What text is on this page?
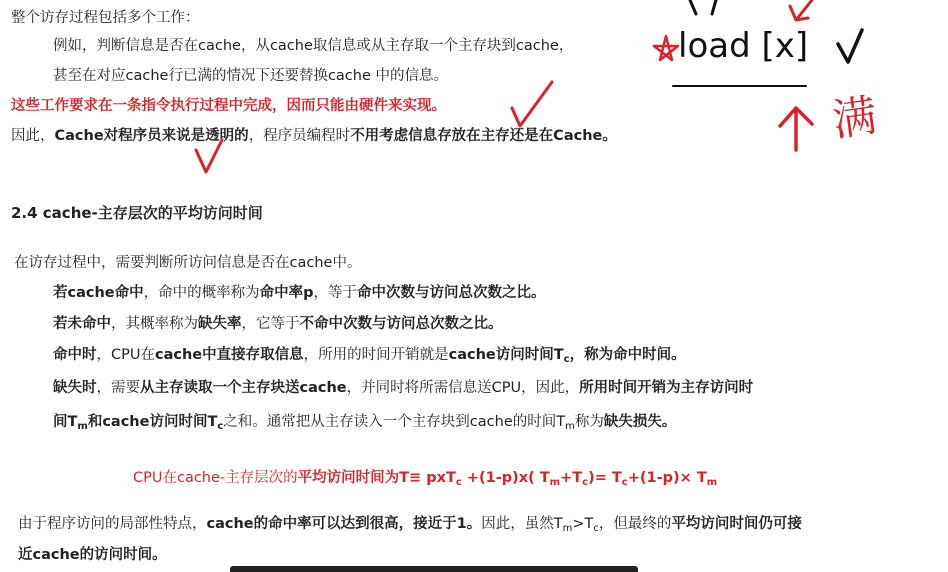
整个访存过程包括多个工作：
例如，判断信息是否在cache，从cache取信息或从主存取一个主存块到cache，
甚至在对应cache行已满的情况下还要替换cache 中的信息。
这些工作要求在一条指令执行过程中完成，因而只能由硬件来实现。
因此，Cache对程序员来说是透明的，程序员编程时不用考虑信息存放在主存还是在Cache。
2.4 cache-主存层次的平均访问时间
在访存过程中，需要判断所访问信息是否在cache中。
若cache命中，命中的概率称为命中率p，等于命中次数与访问总次数之比。
若未命中，其概率称为缺失率，它等于不命中次数与访问总次数之比。
命中时，CPU在cache中直接存取信息，所用的时间开销就是cache访问时间$T_c$，称为命中时间。
缺失时，需要从主存读取一个主存块送cache，并同时将所需信息送CPU，因此，所用时间开销为主存访问时
间$T_m$和cache访问时间$T_c$之和。通常把从主存读入一个主存块到cache的时间$T_m$称为缺失损失。
CPU在cache-主存层次的平均访问时间为T≡ pxT$_c$ +(1-p)x( $T_m+T_c)= T_c+(1-p)\times T_m$
由于程序访问的局部性特点，cache的命中率可以达到很高，接近于1。因此，虽然$T_m>T_c$，但最终的平均访问时间仍可接
近cache的访问时间。
load [x]
满
